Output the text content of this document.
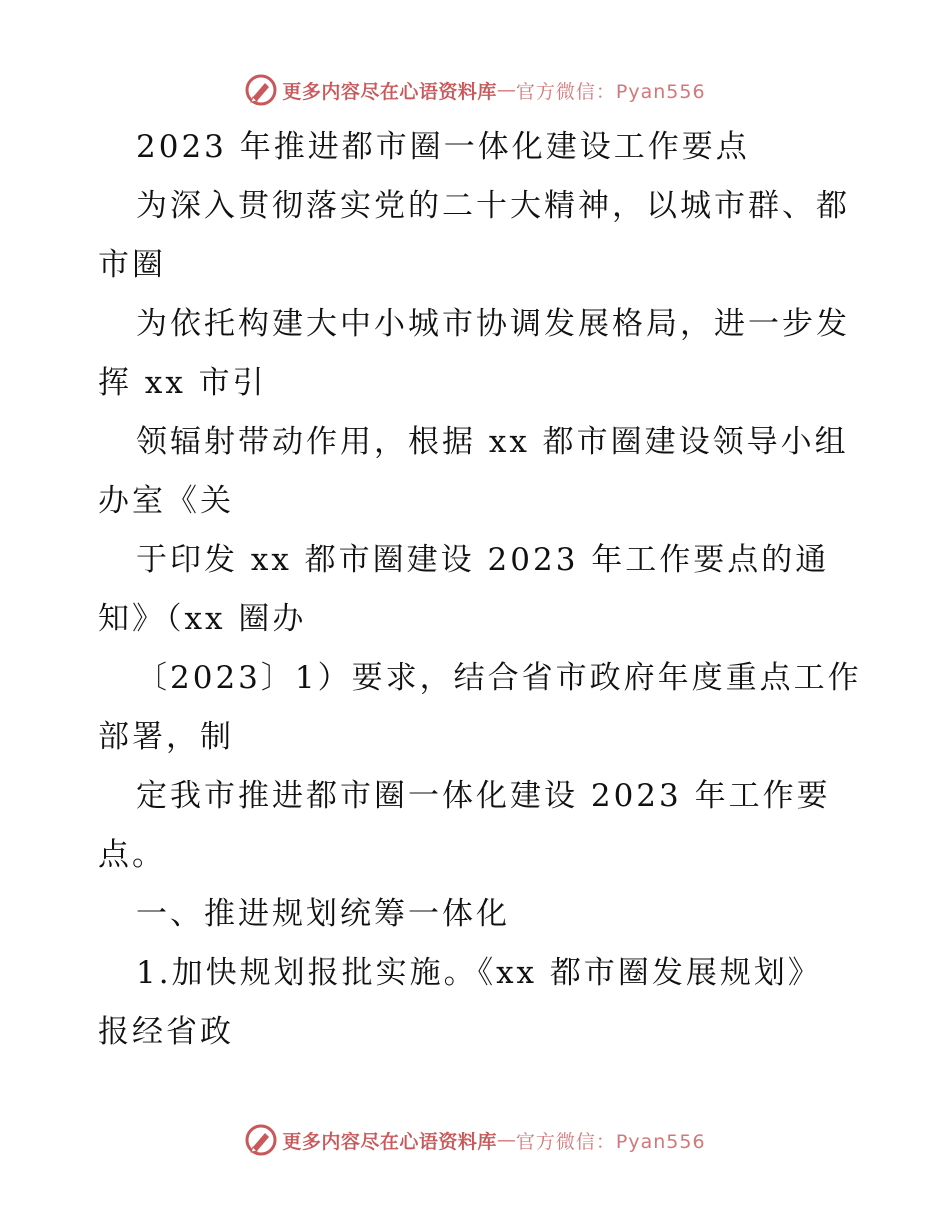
更多内容尽在心语资料库 — 官方微信：Pyan556
2023 年推进都市圈一体化建设工作要点
为深入贯彻落实党的二十大精神，以城市群、都
市圈
为依托构建大中小城市协调发展格局，进一步发
挥 xx 市引
领辐射带动作用，根据 xx 都市圈建设领导小组
办室《关
于印发 xx 都市圈建设 2023 年工作要点的通
知》（xx 圈办
〔2023〕1）要求，结合省市政府年度重点工作
部署，制
定我市推进都市圈一体化建设 2023 年工作要
点。
一、推进规划统筹一体化
1.加快规划报批实施。《xx 都市圈发展规划》
报经省政
更多内容尽在心语资料库 — 官方微信：Pyan556
